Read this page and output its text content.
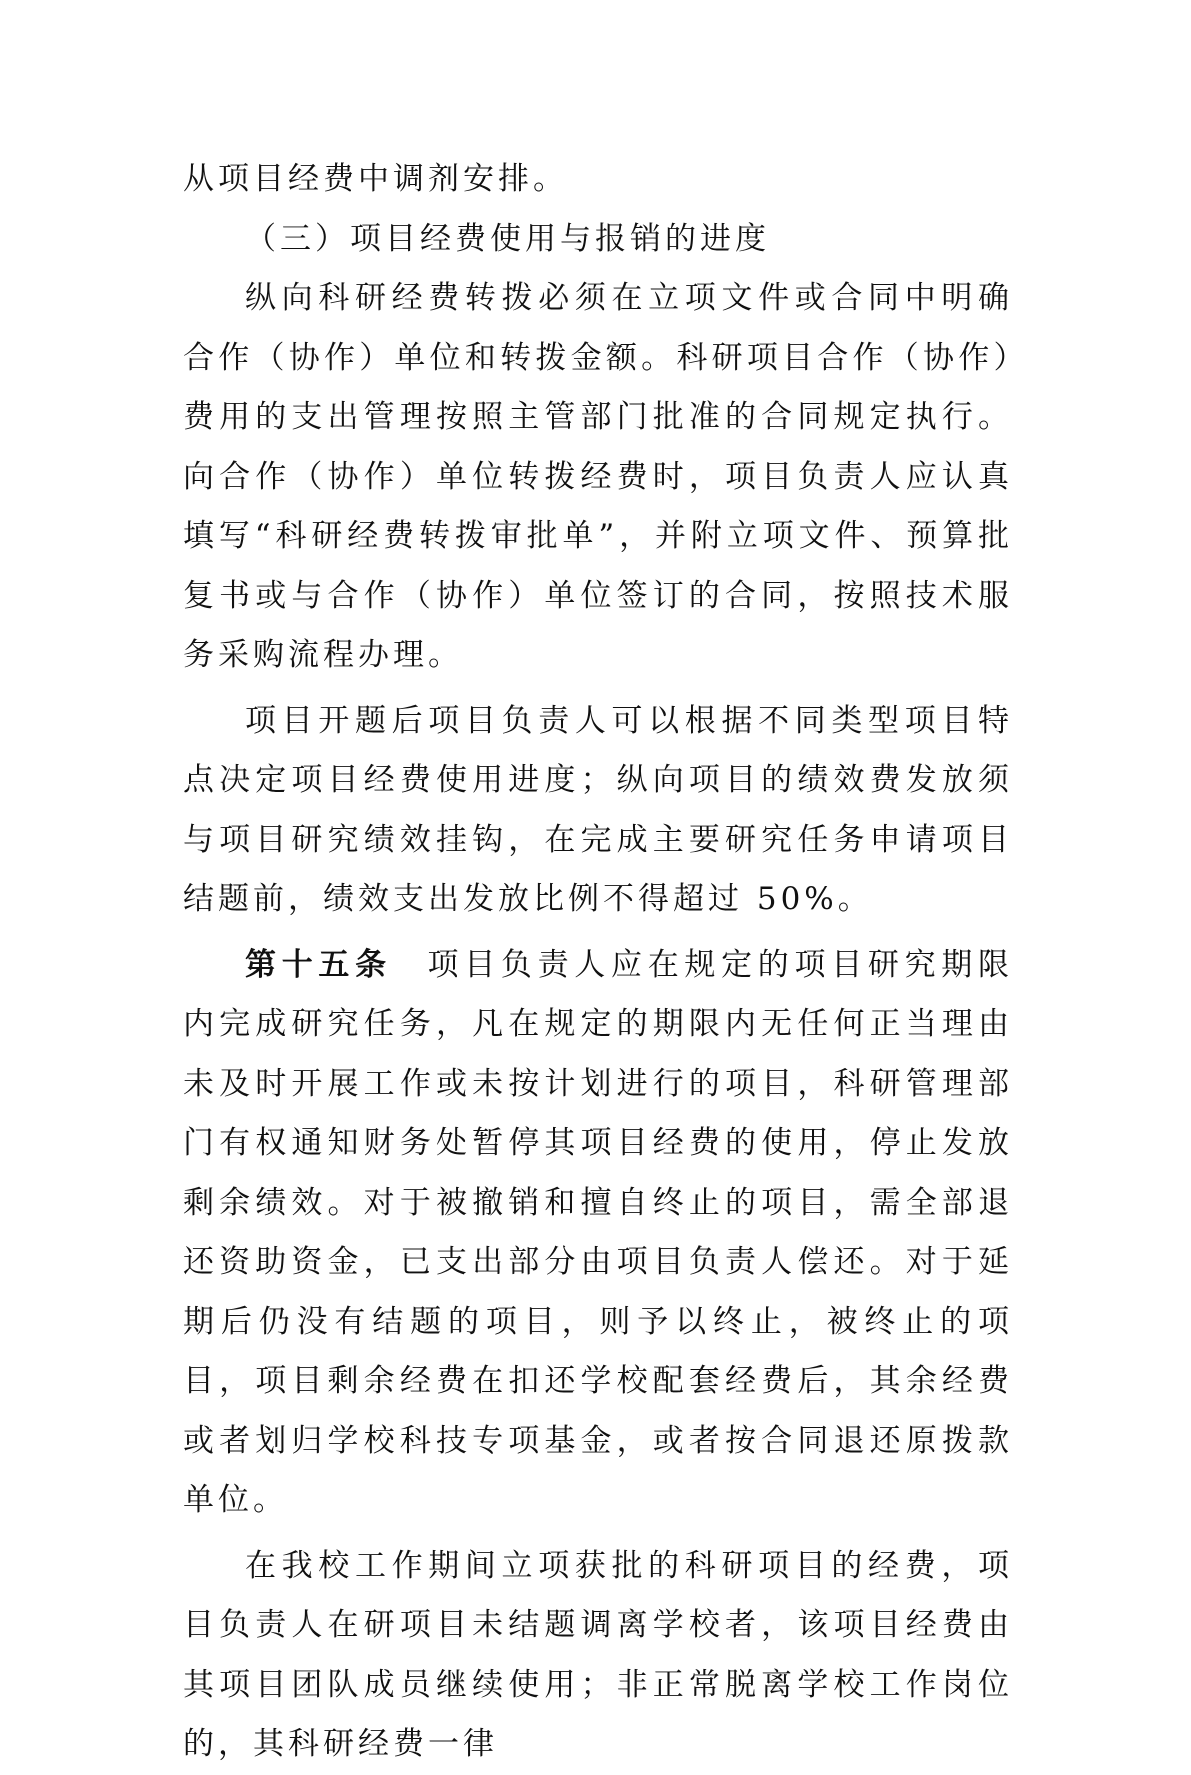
从项目经费中调剂安排。

（三）项目经费使用与报销的进度

纵向科研经费转拨必须在立项文件或合同中明确合作（协作）单位和转拨金额。科研项目合作（协作）费用的支出管理按照主管部门批准的合同规定执行。向合作（协作）单位转拨经费时，项目负责人应认真填写“科研经费转拨审批单”，并附立项文件、预算批复书或与合作（协作）单位签订的合同，按照技术服务采购流程办理。

项目开题后项目负责人可以根据不同类型项目特点决定项目经费使用进度；纵向项目的绩效费发放须与项目研究绩效挂钩，在完成主要研究任务申请项目结题前，绩效支出发放比例不得超过 50%。

第十五条 项目负责人应在规定的项目研究期限内完成研究任务，凡在规定的期限内无任何正当理由未及时开展工作或未按计划进行的项目，科研管理部门有权通知财务处暂停其项目经费的使用，停止发放剩余绩效。对于被撤销和擅自终止的项目，需全部退还资助资金，已支出部分由项目负责人偿还。对于延期后仍没有结题的项目，则予以终止，被终止的项目，项目剩余经费在扣还学校配套经费后，其余经费或者划归学校科技专项基金，或者按合同退还原拨款单位。

在我校工作期间立项获批的科研项目的经费，项目负责人在研项目未结题调离学校者，该项目经费由其项目团队成员继续使用；非正常脱离学校工作岗位的，其科研经费一律
